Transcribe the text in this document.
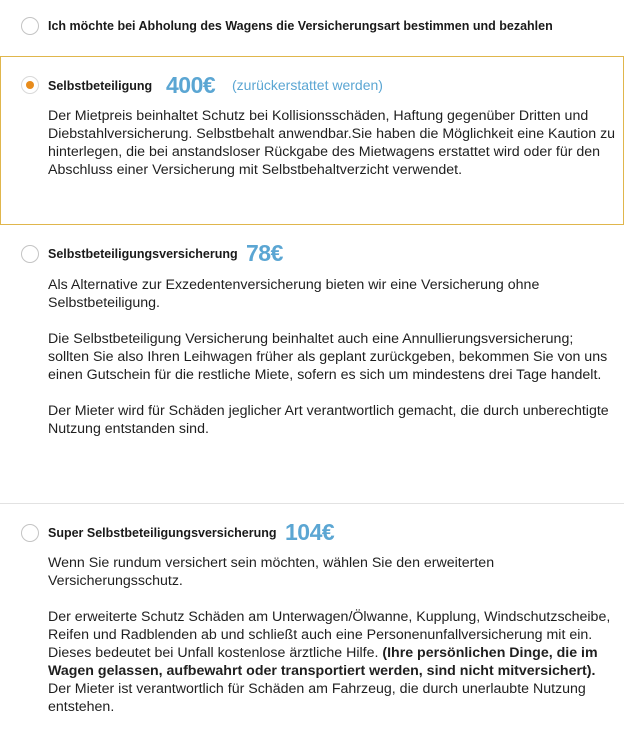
Ich möchte bei Abholung des Wagens die Versicherungsart bestimmen und bezahlen
Selbstbeteiligung 400€ (zurückerstattet werden)

Der Mietpreis beinhaltet Schutz bei Kollisionsschäden, Haftung gegenüber Dritten und Diebstahlversicherung. Selbstbehalt anwendbar.Sie haben die Möglichkeit eine Kaution zu hinterlegen, die bei anstandsloser Rückgabe des Mietwagens erstattet wird oder für den Abschluss einer Versicherung mit Selbstbehaltverzicht verwendet.

Selbstbeteiligungsversicherung 78€

Als Alternative zur Exzedentenversicherung bieten wir eine Versicherung ohne Selbstbeteiligung.

Die Selbstbeteiligung Versicherung beinhaltet auch eine Annullierungsversicherung; sollten Sie also Ihren Leihwagen früher als geplant zurückgeben, bekommen Sie von uns einen Gutschein für die restliche Miete, sofern es sich um mindestens drei Tage handelt.

Der Mieter wird für Schäden jeglicher Art verantwortlich gemacht, die durch unberechtigte Nutzung entstanden sind.

Super Selbstbeteiligungsversicherung 104€

Wenn Sie rundum versichert sein möchten, wählen Sie den erweiterten Versicherungsschutz.

Der erweiterte Schutz Schäden am Unterwagen/Ölwanne, Kupplung, Windschutzscheibe, Reifen und Radblenden ab und schließt auch eine Personenunfallversicherung mit ein. Dieses bedeutet bei Unfall kostenlose ärztliche Hilfe. (Ihre persönlichen Dinge, die im Wagen gelassen, aufbewahrt oder transportiert werden, sind nicht mitversichert). Der Mieter ist verantwortlich für Schäden am Fahrzeug, die durch unerlaubte Nutzung entstehen.
